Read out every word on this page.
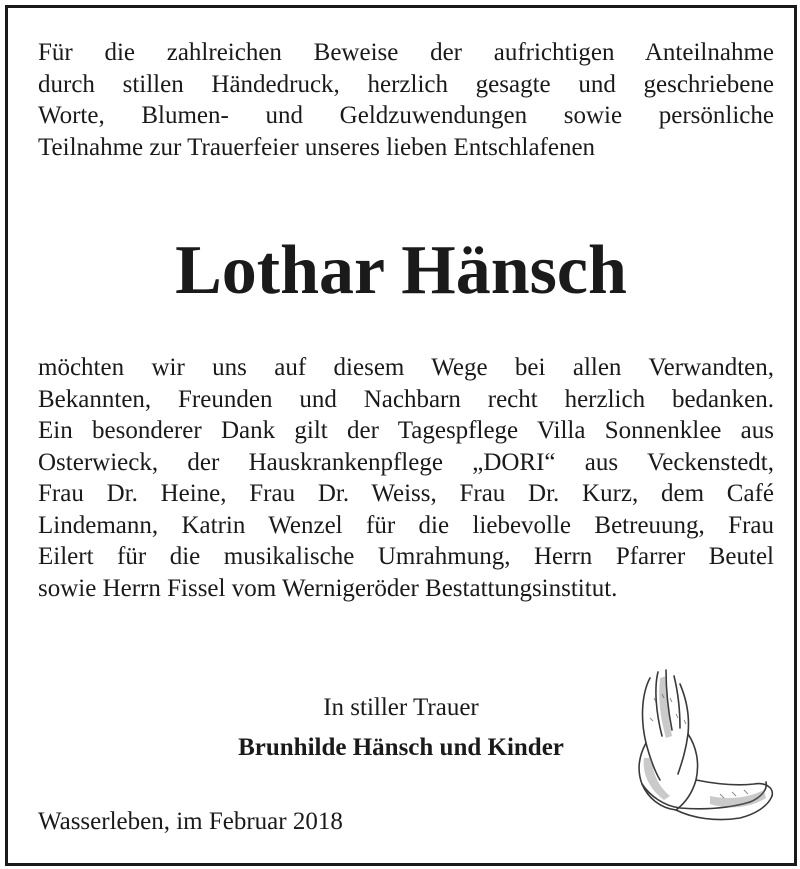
Für die zahlreichen Beweise der aufrichtigen Anteilnahme
durch stillen Händedruck, herzlich gesagte und geschriebene
Worte, Blumen- und Geldzuwendungen sowie persönliche
Teilnahme zur Trauerfeier unseres lieben Entschlafenen
Lothar Hänsch
möchten wir uns auf diesem Wege bei allen Verwandten,
Bekannten, Freunden und Nachbarn recht herzlich bedanken.
Ein besonderer Dank gilt der Tagespflege Villa Sonnenklee aus
Osterwieck, der Hauskrankenpflege „DORI“ aus Veckenstedt,
Frau Dr. Heine, Frau Dr. Weiss, Frau Dr. Kurz, dem Café
Lindemann, Katrin Wenzel für die liebevolle Betreuung, Frau
Eilert für die musikalische Umrahmung, Herrn Pfarrer Beutel
sowie Herrn Fissel vom Wernigeröder Bestattungsinstitut.
In stiller Trauer
Brunhilde Hänsch und Kinder
Wasserleben, im Februar 2018
